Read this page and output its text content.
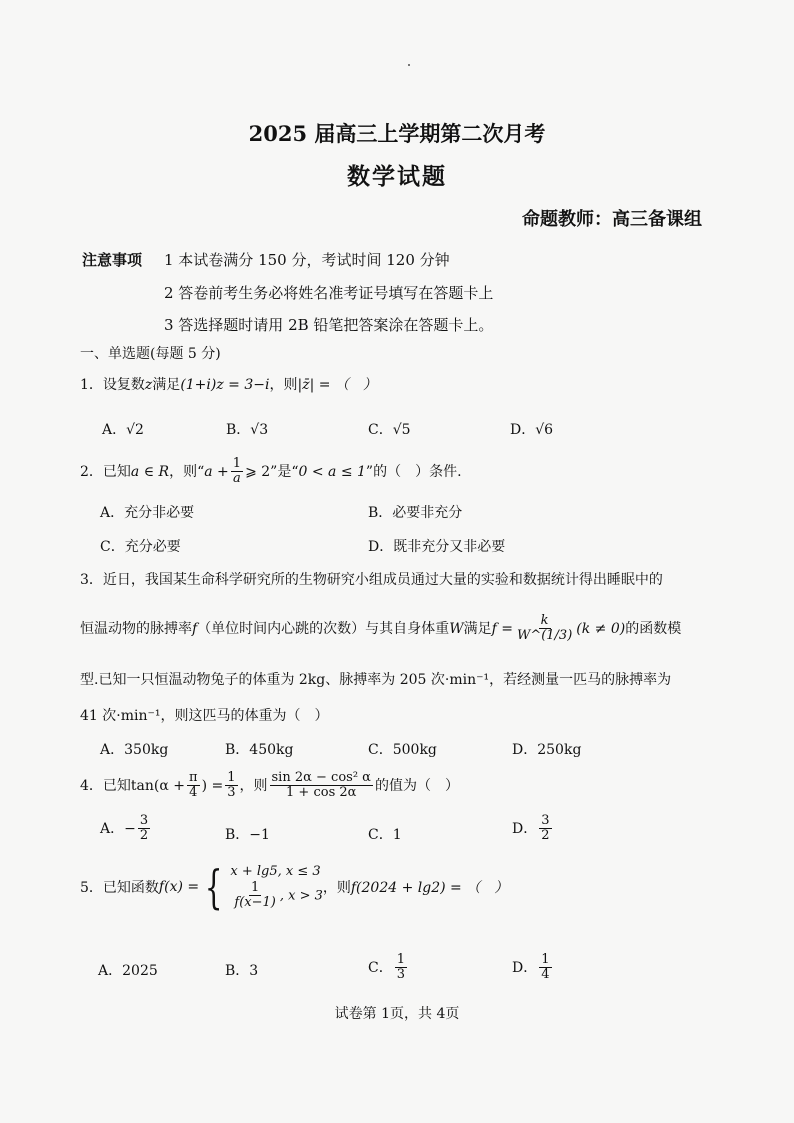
2025 届高三上学期第二次月考
数学试题
命题教师：高三备课组
注意事项 1 本试卷满分 150 分，考试时间 120 分钟
2 答卷前考生务必将姓名准考证号填写在答题卡上
3 答选择题时请用 2B 铅笔把答案涂在答题卡上。
一、单选题(每题 5 分)
1．设复数z满足(1+i)z = 3−i，则|z̄| = （　）
A．√2	B．√3	C．√5	D．√6
2．已知a ∈ R，则“$a + \frac{1}{a}$ ⩾ 2”是“0 < a ≤ 1”的（　）条件.
A．充分非必要	B．必要非充分
C．充分必要	D．既非充分又非必要
3．近日，我国某生命科学研究所的生物研究小组成员通过大量的实验和数据统计得出睡眠中的
恒温动物的脉搏率f（单位时间内心跳的次数）与其自身体重W满足$f = \frac{k}{W\^{}(1/3)} (k \ne 0)$的函数模
型.已知一只恒温动物兔子的体重为 2kg、脉搏率为 205 次·min⁻¹，若经测量一匹马的脉搏率为
41 次·min⁻¹，则这匹马的体重为（　）
A．350kg	B．450kg	C．500kg	D．250kg
4．已知$\tan(\alpha + \frac{\pi}{4}$ ) = $\frac{1}{3}$ ，则 $\frac{\text{sin 2α − cos² α}}{1 + \cos 2\alpha}$ 的值为（　）
A．− $\frac{3}{2}$	B．−1	C．1	D． $\frac{3}{2}$
5． 已知函数 f(x) = { x + lg5, x ≤ 3
$\frac{1}{f(x-1)}$ , x > 3 ，则 f(2024 + lg2) = （　）
A．2025	B．3	C． $\frac{1}{3}$	D． $\frac{1}{4}$
试卷第 1页，共 4页
